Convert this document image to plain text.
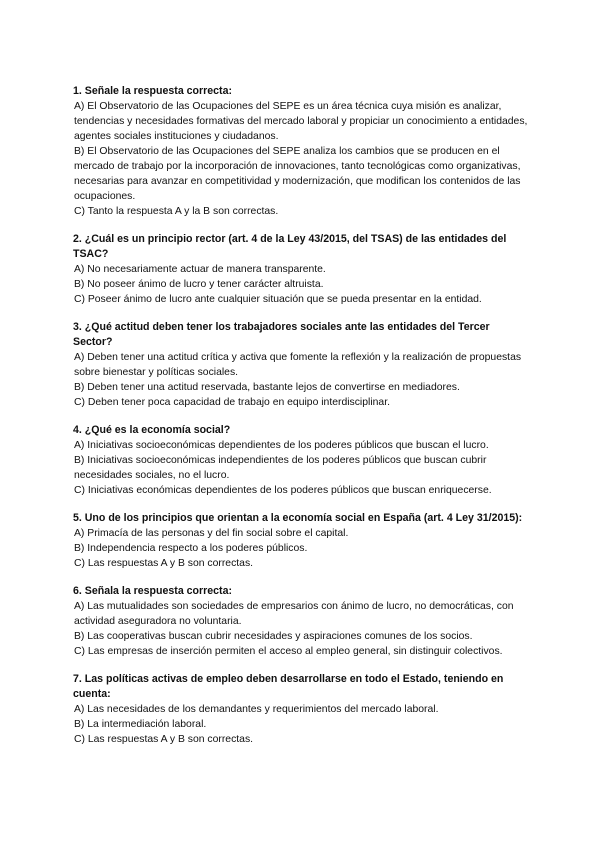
1. Señale la respuesta correcta:

A) El Observatorio de las Ocupaciones del SEPE es un área técnica cuya misión es analizar, tendencias y necesidades formativas del mercado laboral y propiciar un conocimiento a entidades, agentes sociales instituciones y ciudadanos.

B) El Observatorio de las Ocupaciones del SEPE analiza los cambios que se producen en el mercado de trabajo por la incorporación de innovaciones, tanto tecnológicas como organizativas, necesarias para avanzar en competitividad y modernización, que modifican los contenidos de las ocupaciones.

C) Tanto la respuesta A y la B son correctas.

2. ¿Cuál es un principio rector (art. 4 de la Ley 43/2015, del TSAS) de las entidades del TSAC?

A) No necesariamente actuar de manera transparente.

B) No poseer ánimo de lucro y tener carácter altruista.

C) Poseer ánimo de lucro ante cualquier situación que se pueda presentar en la entidad.

3. ¿Qué actitud deben tener los trabajadores sociales ante las entidades del Tercer Sector?

A) Deben tener una actitud crítica y activa que fomente la reflexión y la realización de propuestas sobre bienestar y políticas sociales.

B) Deben tener una actitud reservada, bastante lejos de convertirse en mediadores.

C) Deben tener poca capacidad de trabajo en equipo interdisciplinar.

4. ¿Qué es la economía social?

A) Iniciativas socioeconómicas dependientes de los poderes públicos que buscan el lucro.

B) Iniciativas socioeconómicas independientes de los poderes públicos que buscan cubrir necesidades sociales, no el lucro.

C) Iniciativas económicas dependientes de los poderes públicos que buscan enriquecerse.

5. Uno de los principios que orientan a la economía social en España (art. 4 Ley 31/2015):

A) Primacía de las personas y del fin social sobre el capital.

B) Independencia respecto a los poderes públicos.

C) Las respuestas A y B son correctas.

6. Señala la respuesta correcta:

A) Las mutualidades son sociedades de empresarios con ánimo de lucro, no democráticas, con actividad aseguradora no voluntaria.

B) Las cooperativas buscan cubrir necesidades y aspiraciones comunes de los socios.

C) Las empresas de inserción permiten el acceso al empleo general, sin distinguir colectivos.

7. Las políticas activas de empleo deben desarrollarse en todo el Estado, teniendo en cuenta:

A) Las necesidades de los demandantes y requerimientos del mercado laboral.

B) La intermediación laboral.

C) Las respuestas A y B son correctas.
